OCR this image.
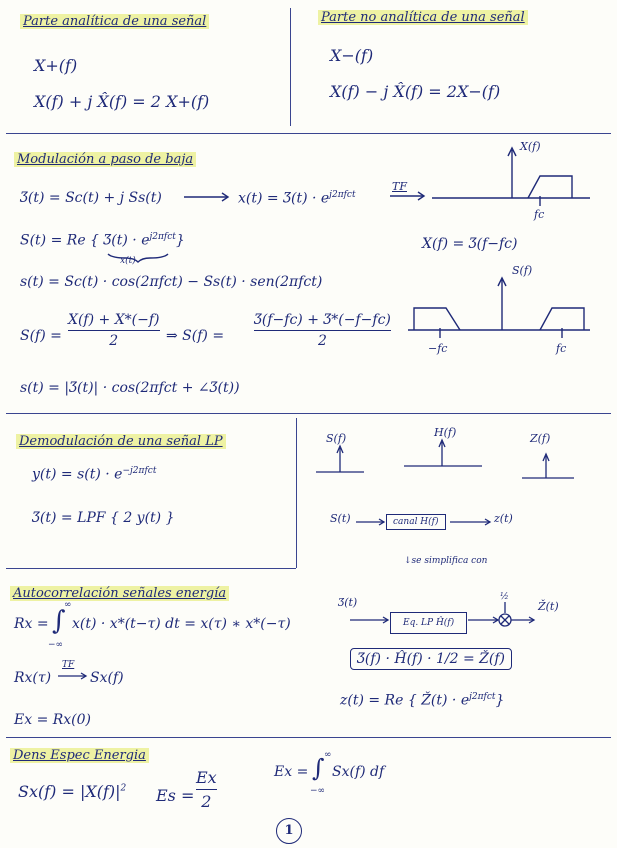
Parte analítica de una señal
X+(f)
X(f) + j X̂(f) = 2 X+(f)
Parte no analítica de una señal
X−(f)
X(f) − j X̂(f) = 2X−(f)
Modulación a paso de baja
Ʒ(t) = Sc(t) + j Ss(t)	x(t) = Ʒ(t) · $e^{j2\pi fct}$
TF
S(t) = Re { Ʒ(t) · $e^{j2\pi fct}$}
x(t)
s(t) = Sc(t) · cos(2πfct) − Ss(t) · sen(2πfct)
S(f) =
X(f) + X*(−f)
2	⇒ S(f) =
Ʒ(f−fc) + Ʒ*(−f−fc)
2
s(t) = |Ʒ(t)| · cos(2πfct + ∠Ʒ(t))
X(f)
fc
X(f) = Ʒ(f−fc)
S(f)
−fc	fc
Demodulación de una señal LP
$y(t) = s(t) \cdot e^{-j2\pi fct}$
Ʒ(t) = LPF { 2 y(t) }
S(f)	H(f)	Z(f)
S(t)	canal H(f)	z(t)
↓se simplifica con
Ʒ(t)
Eq. LP Ĥ(f)
½
Ž(t)
Ʒ(f) · Ĥ(f) · 1/2 = Ž(f)
z(t) = Re { Ž(t) · $e^{j2\pi fct}$}
Autocorrelación señales energía
Rx = ∫
∞
−∞
x(t) · x*(t−τ) dt = x(τ) ∗ x*(−τ)
Rx(τ)
TF
Sx(f)
Ex = Rx(0)
Dens Espec Energia
$Sx(f) = |X(f)|^2$ Es =
Ex
2
Ex = ∫ ∞
−∞
Sx(f) df
1
